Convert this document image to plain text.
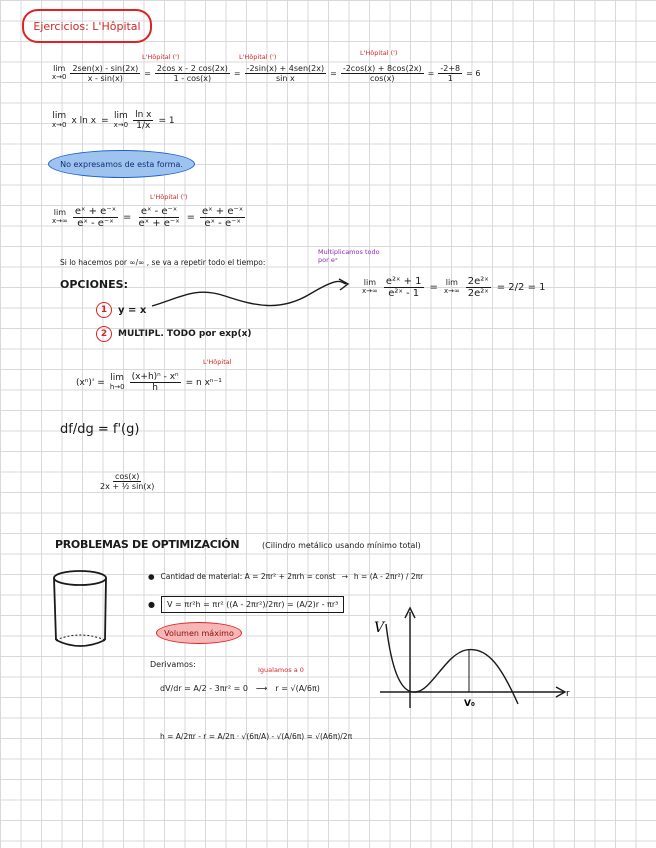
Ejercicios: L'Hôpital
L'Hôpital (')	L'Hôpital (')	L'Hôpital (')
lim
$x\to 0 \frac{\text{2sen(x) - sin(2x)}}{x - \sin(x)} = \frac{\text{2cos x - 2 cos(2x)}}{1 - \cos(x)} = \frac{\text{-2sin(x) + 4sen(2x)}}{\text{sin x}} = \frac{-2\cos(x) + 8\cos(2x)}{\cos(x)} = \frac{-2+8}{1} = 6$
lim
x→0 x ln x = lim
$x\to 0 \frac{\text{ln x}}{1/x} = 1$
No expresamos de esta forma.
L'Hôpital (')
lim
$x\to\infty \frac{\text{eˣ + e⁻ˣ}}{\text{eˣ - e⁻ˣ}} = \frac{\text{eˣ - e⁻ˣ}}{\text{eˣ + e⁻ˣ}} = \frac{\text{eˣ + e⁻ˣ}}{\text{eˣ - e⁻ˣ}}$
Si lo hacemos por ∞/∞ , se va a repetir todo el tiempo:
Multiplicamos todo por eˣ
OPCIONES:
1	y = x
2	MULTIPL. TODO por exp(x)
lim
$x\to\infty \frac{\text{e²ˣ + 1}}{\text{e²ˣ - 1}} = \lim$
$x\to\infty \frac{\text{2e²ˣ}}{\text{2e²ˣ}} = 2/2 = 1$
L'Hôpital
(xⁿ)' = lim
$h\to 0 \frac{\text{(x+h)ⁿ - xⁿ}}{h} = n$ xⁿ⁻¹
df/dg = f'(g)
$\frac{\cos(x)}{\text{2x + ½ sin(x)}}$
PROBLEMAS DE OPTIMIZACIÓN	(Cilindro metálico usando mínimo total)
● Cantidad de material: A = 2πr² + 2πrh = const → h = (A - 2πr²) / 2πr
●	V = πr²h = πr² ((A - 2πr²)/2πr) = (A/2)r - πr³
Volumen máximo
Derivamos:
Igualamos a 0
dV/dr = A/2 - 3πr² = 0 ⟶ r = √(A/6π)
h = A/2πr - r = A/2π · √(6π/A) - √(A/6π) = √(A6π)/2π
V
r
V₀
